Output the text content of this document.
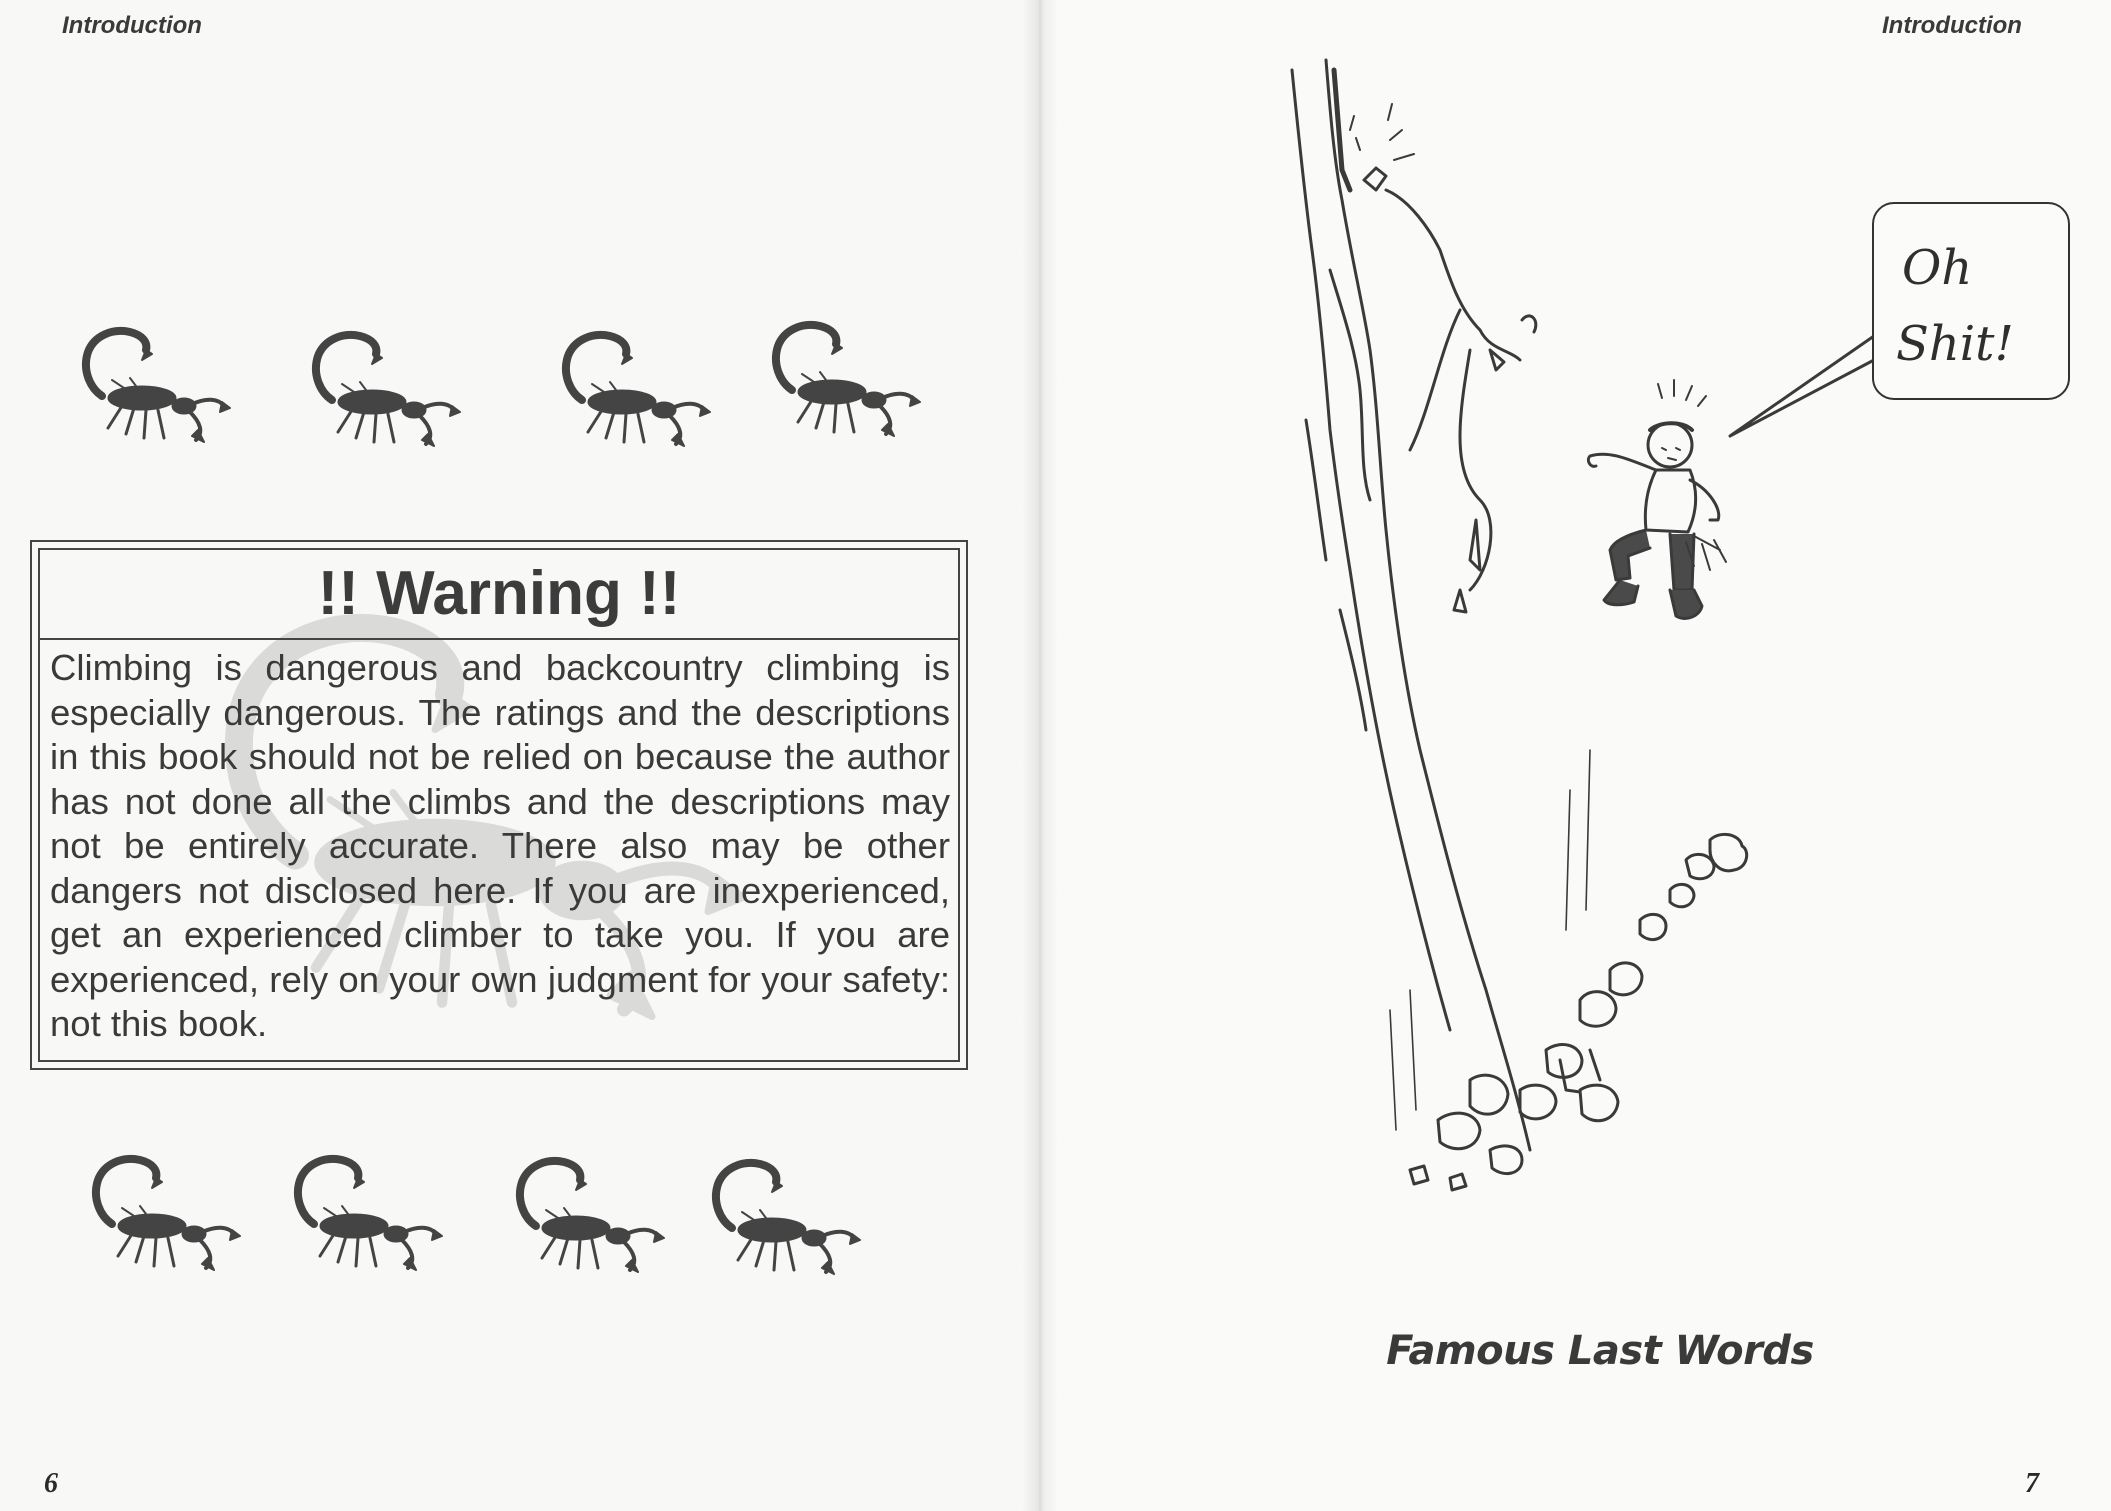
Introduction
!! Warning !!
Climbing is dangerous and backcountry climbing is especially dangerous. The ratings and the descriptions in this book should not be relied on because the author has not done all the climbs and the descriptions may not be entirely accurate. There also may be other dangers not disclosed here. If you are inexperienced, get an experienced climber to take you. If you are experienced, rely on your own judgment for your safety: not this book.
6
Introduction
7
Oh
Shit!
Famous Last Words
